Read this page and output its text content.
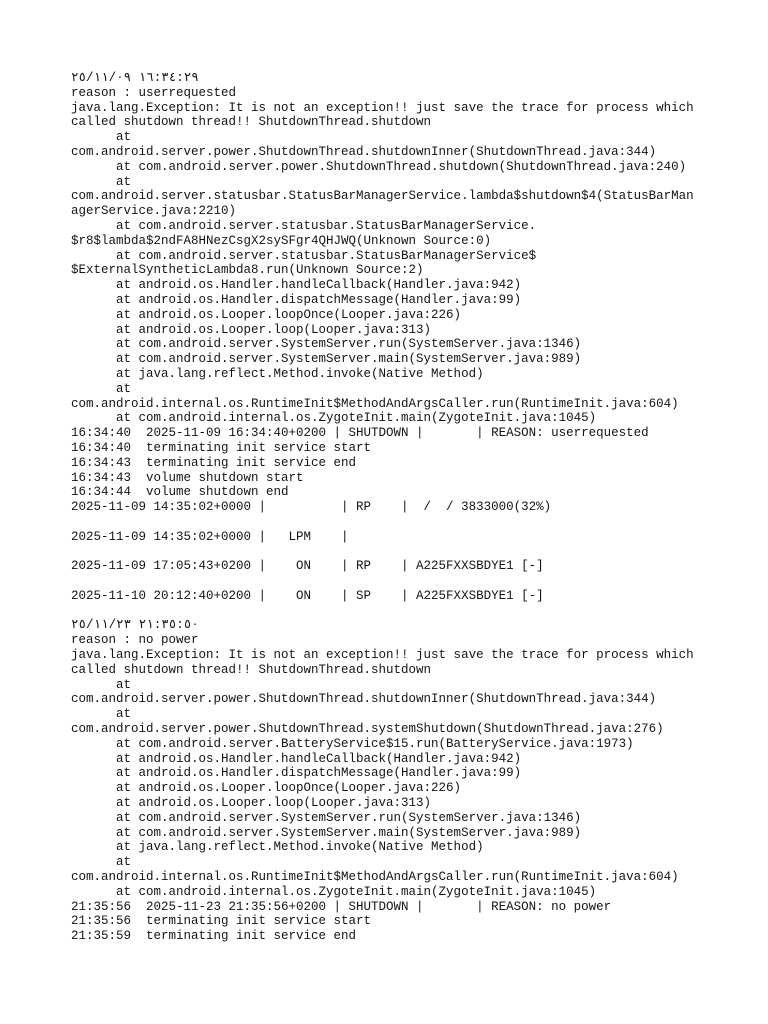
١٦:٣٤:٢٩ ٢٥/١١/٠٩
reason : userrequested
java.lang.Exception: It is not an exception!! just save the trace for process which
called shutdown thread!! ShutdownThread.shutdown
at
com.android.server.power.ShutdownThread.shutdownInner(ShutdownThread.java:344)
at com.android.server.power.ShutdownThread.shutdown(ShutdownThread.java:240)
at
com.android.server.statusbar.StatusBarManagerService.lambda$shutdown$4(StatusBarMan
agerService.java:2210)
at com.android.server.statusbar.StatusBarManagerService.
$r8$lambda$2ndFA8HNezCsgX2sySFgr4QHJWQ(Unknown Source:0)
at com.android.server.statusbar.StatusBarManagerService$
$ExternalSyntheticLambda8.run(Unknown Source:2)
at android.os.Handler.handleCallback(Handler.java:942)
at android.os.Handler.dispatchMessage(Handler.java:99)
at android.os.Looper.loopOnce(Looper.java:226)
at android.os.Looper.loop(Looper.java:313)
at com.android.server.SystemServer.run(SystemServer.java:1346)
at com.android.server.SystemServer.main(SystemServer.java:989)
at java.lang.reflect.Method.invoke(Native Method)
at
com.android.internal.os.RuntimeInit$MethodAndArgsCaller.run(RuntimeInit.java:604)
at com.android.internal.os.ZygoteInit.main(ZygoteInit.java:1045)
16:34:40  2025-11-09 16:34:40+0200 | SHUTDOWN |       | REASON: userrequested
16:34:40  terminating init service start
16:34:43  terminating init service end
16:34:43  volume shutdown start
16:34:44  volume shutdown end
2025-11-09 14:35:02+0000 |          | RP    |  /  / 3833000(32%)
2025-11-09 14:35:02+0000 |   LPM    |
2025-11-09 17:05:43+0200 |    ON    | RP    | A225FXXSBDYE1 [-]
2025-11-10 20:12:40+0200 |    ON    | SP    | A225FXXSBDYE1 [-]
٢١:٣٥:٥٠ ٢٥/١١/٢٣
reason : no power
java.lang.Exception: It is not an exception!! just save the trace for process which
called shutdown thread!! ShutdownThread.shutdown
at
com.android.server.power.ShutdownThread.shutdownInner(ShutdownThread.java:344)
at
com.android.server.power.ShutdownThread.systemShutdown(ShutdownThread.java:276)
at com.android.server.BatteryService$15.run(BatteryService.java:1973)
at android.os.Handler.handleCallback(Handler.java:942)
at android.os.Handler.dispatchMessage(Handler.java:99)
at android.os.Looper.loopOnce(Looper.java:226)
at android.os.Looper.loop(Looper.java:313)
at com.android.server.SystemServer.run(SystemServer.java:1346)
at com.android.server.SystemServer.main(SystemServer.java:989)
at java.lang.reflect.Method.invoke(Native Method)
at
com.android.internal.os.RuntimeInit$MethodAndArgsCaller.run(RuntimeInit.java:604)
at com.android.internal.os.ZygoteInit.main(ZygoteInit.java:1045)
21:35:56  2025-11-23 21:35:56+0200 | SHUTDOWN |       | REASON: no power
21:35:56  terminating init service start
21:35:59  terminating init service end
